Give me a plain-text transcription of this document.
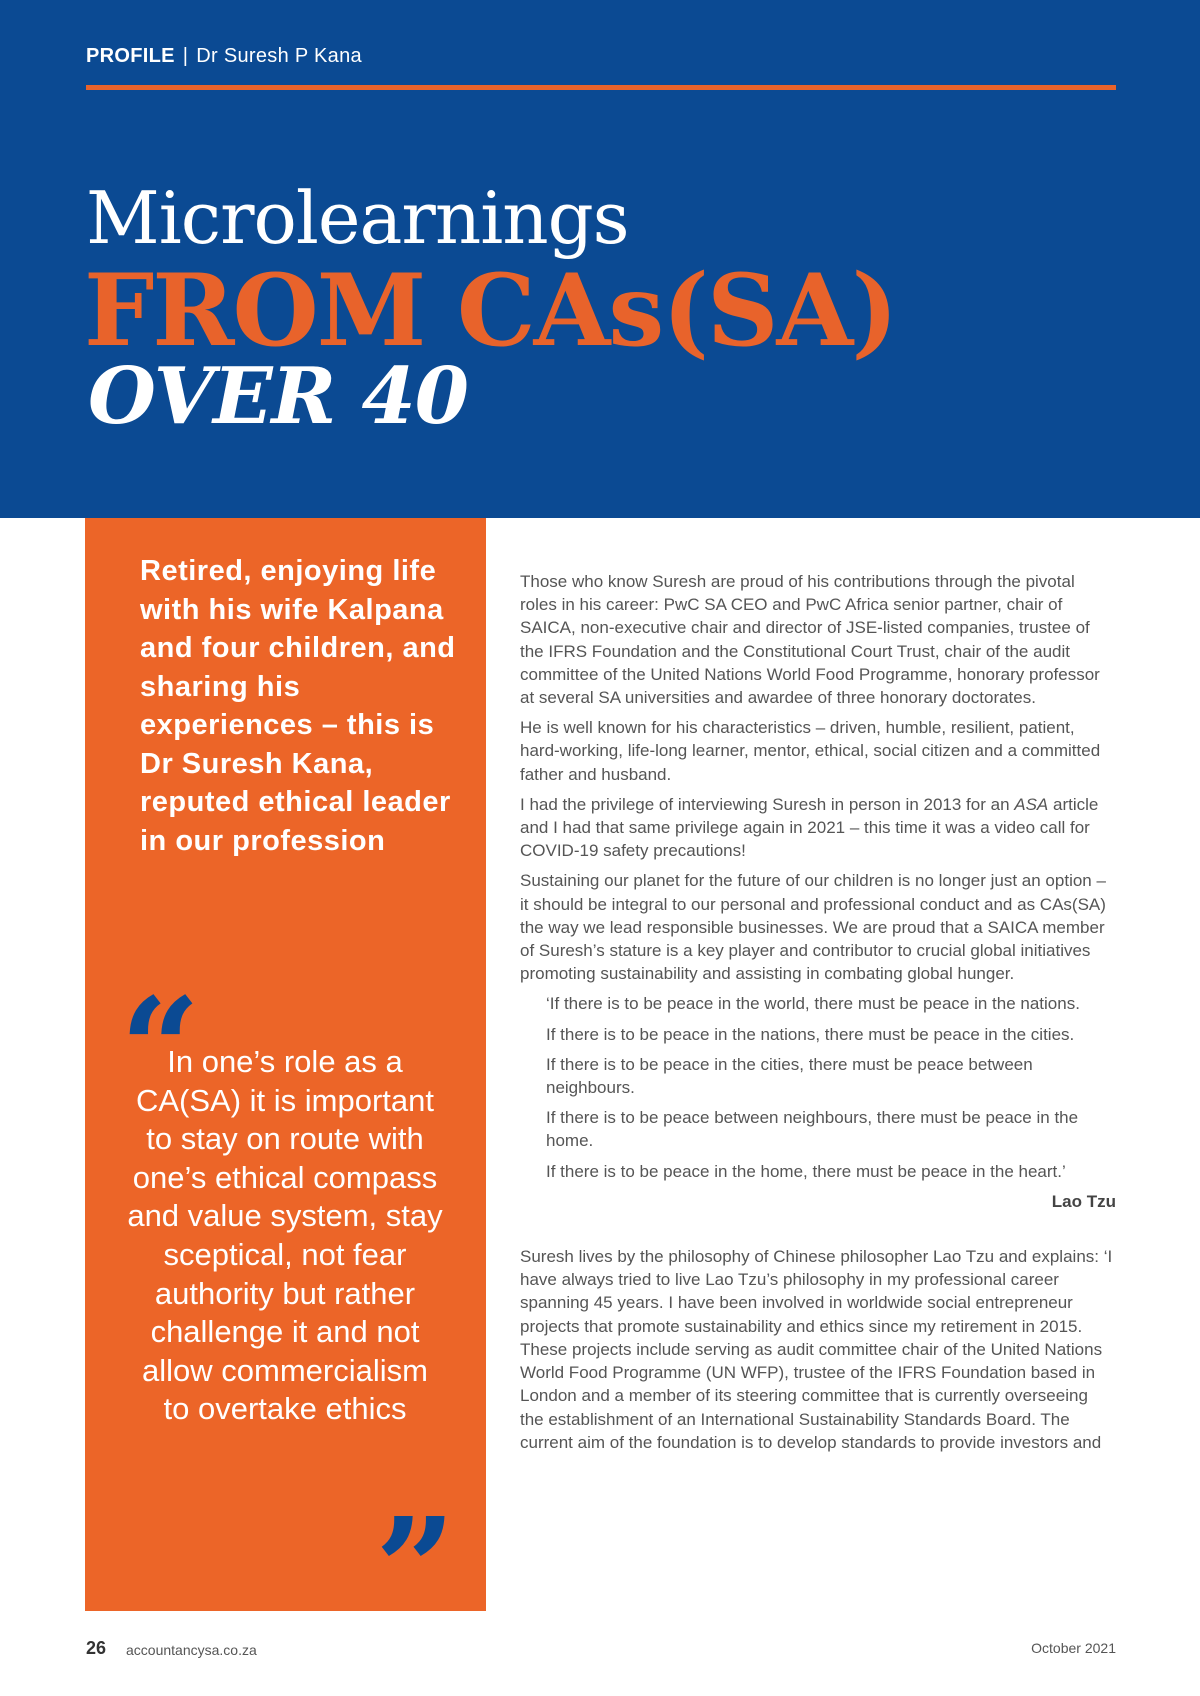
PROFILE | Dr Suresh P Kana
Microlearnings
FROM CAs(SA)
OVER 40

Retired, enjoying life with his wife Kalpana and four children, and sharing his experiences – this is Dr Suresh Kana, reputed ethical leader in our profession

“

In one’s role as a CA(SA) it is important to stay on route with one’s ethical compass and value system, stay sceptical, not fear authority but rather challenge it and not allow commercialism to overtake ethics

”

Those who know Suresh are proud of his contributions through the pivotal roles in his career: PwC SA CEO and PwC Africa senior partner, chair of SAICA, non-executive chair and director of JSE-listed companies, trustee of the IFRS Foundation and the Constitutional Court Trust, chair of the audit committee of the United Nations World Food Programme, honorary professor at several SA universities and awardee of three honorary doctorates.

He is well known for his characteristics – driven, humble, resilient, patient, hard-working, life-long learner, mentor, ethical, social citizen and a committed father and husband.

I had the privilege of interviewing Suresh in person in 2013 for an ASA article and I had that same privilege again in 2021 – this time it was a video call for COVID-19 safety precautions!

Sustaining our planet for the future of our children is no longer just an option – it should be integral to our personal and professional conduct and as CAs(SA) the way we lead responsible businesses. We are proud that a SAICA member of Suresh’s stature is a key player and contributor to crucial global initiatives promoting sustainability and assisting in combating global hunger.

‘If there is to be peace in the world, there must be peace in the nations.

If there is to be peace in the nations, there must be peace in the cities.

If there is to be peace in the cities, there must be peace between neighbours.

If there is to be peace between neighbours, there must be peace in the home.

If there is to be peace in the home, there must be peace in the heart.’

Lao Tzu

Suresh lives by the philosophy of Chinese philosopher Lao Tzu and explains: ‘I have always tried to live Lao Tzu’s philosophy in my professional career spanning 45 years. I have been involved in worldwide social entrepreneur projects that promote sustainability and ethics since my retirement in 2015. These projects include serving as audit committee chair of the United Nations World Food Programme (UN WFP), trustee of the IFRS Foundation based in London and a member of its steering committee that is currently overseeing the establishment of an International Sustainability Standards Board. The current aim of the foundation is to develop standards to provide investors and

26 accountancysa.co.za	October 2021
